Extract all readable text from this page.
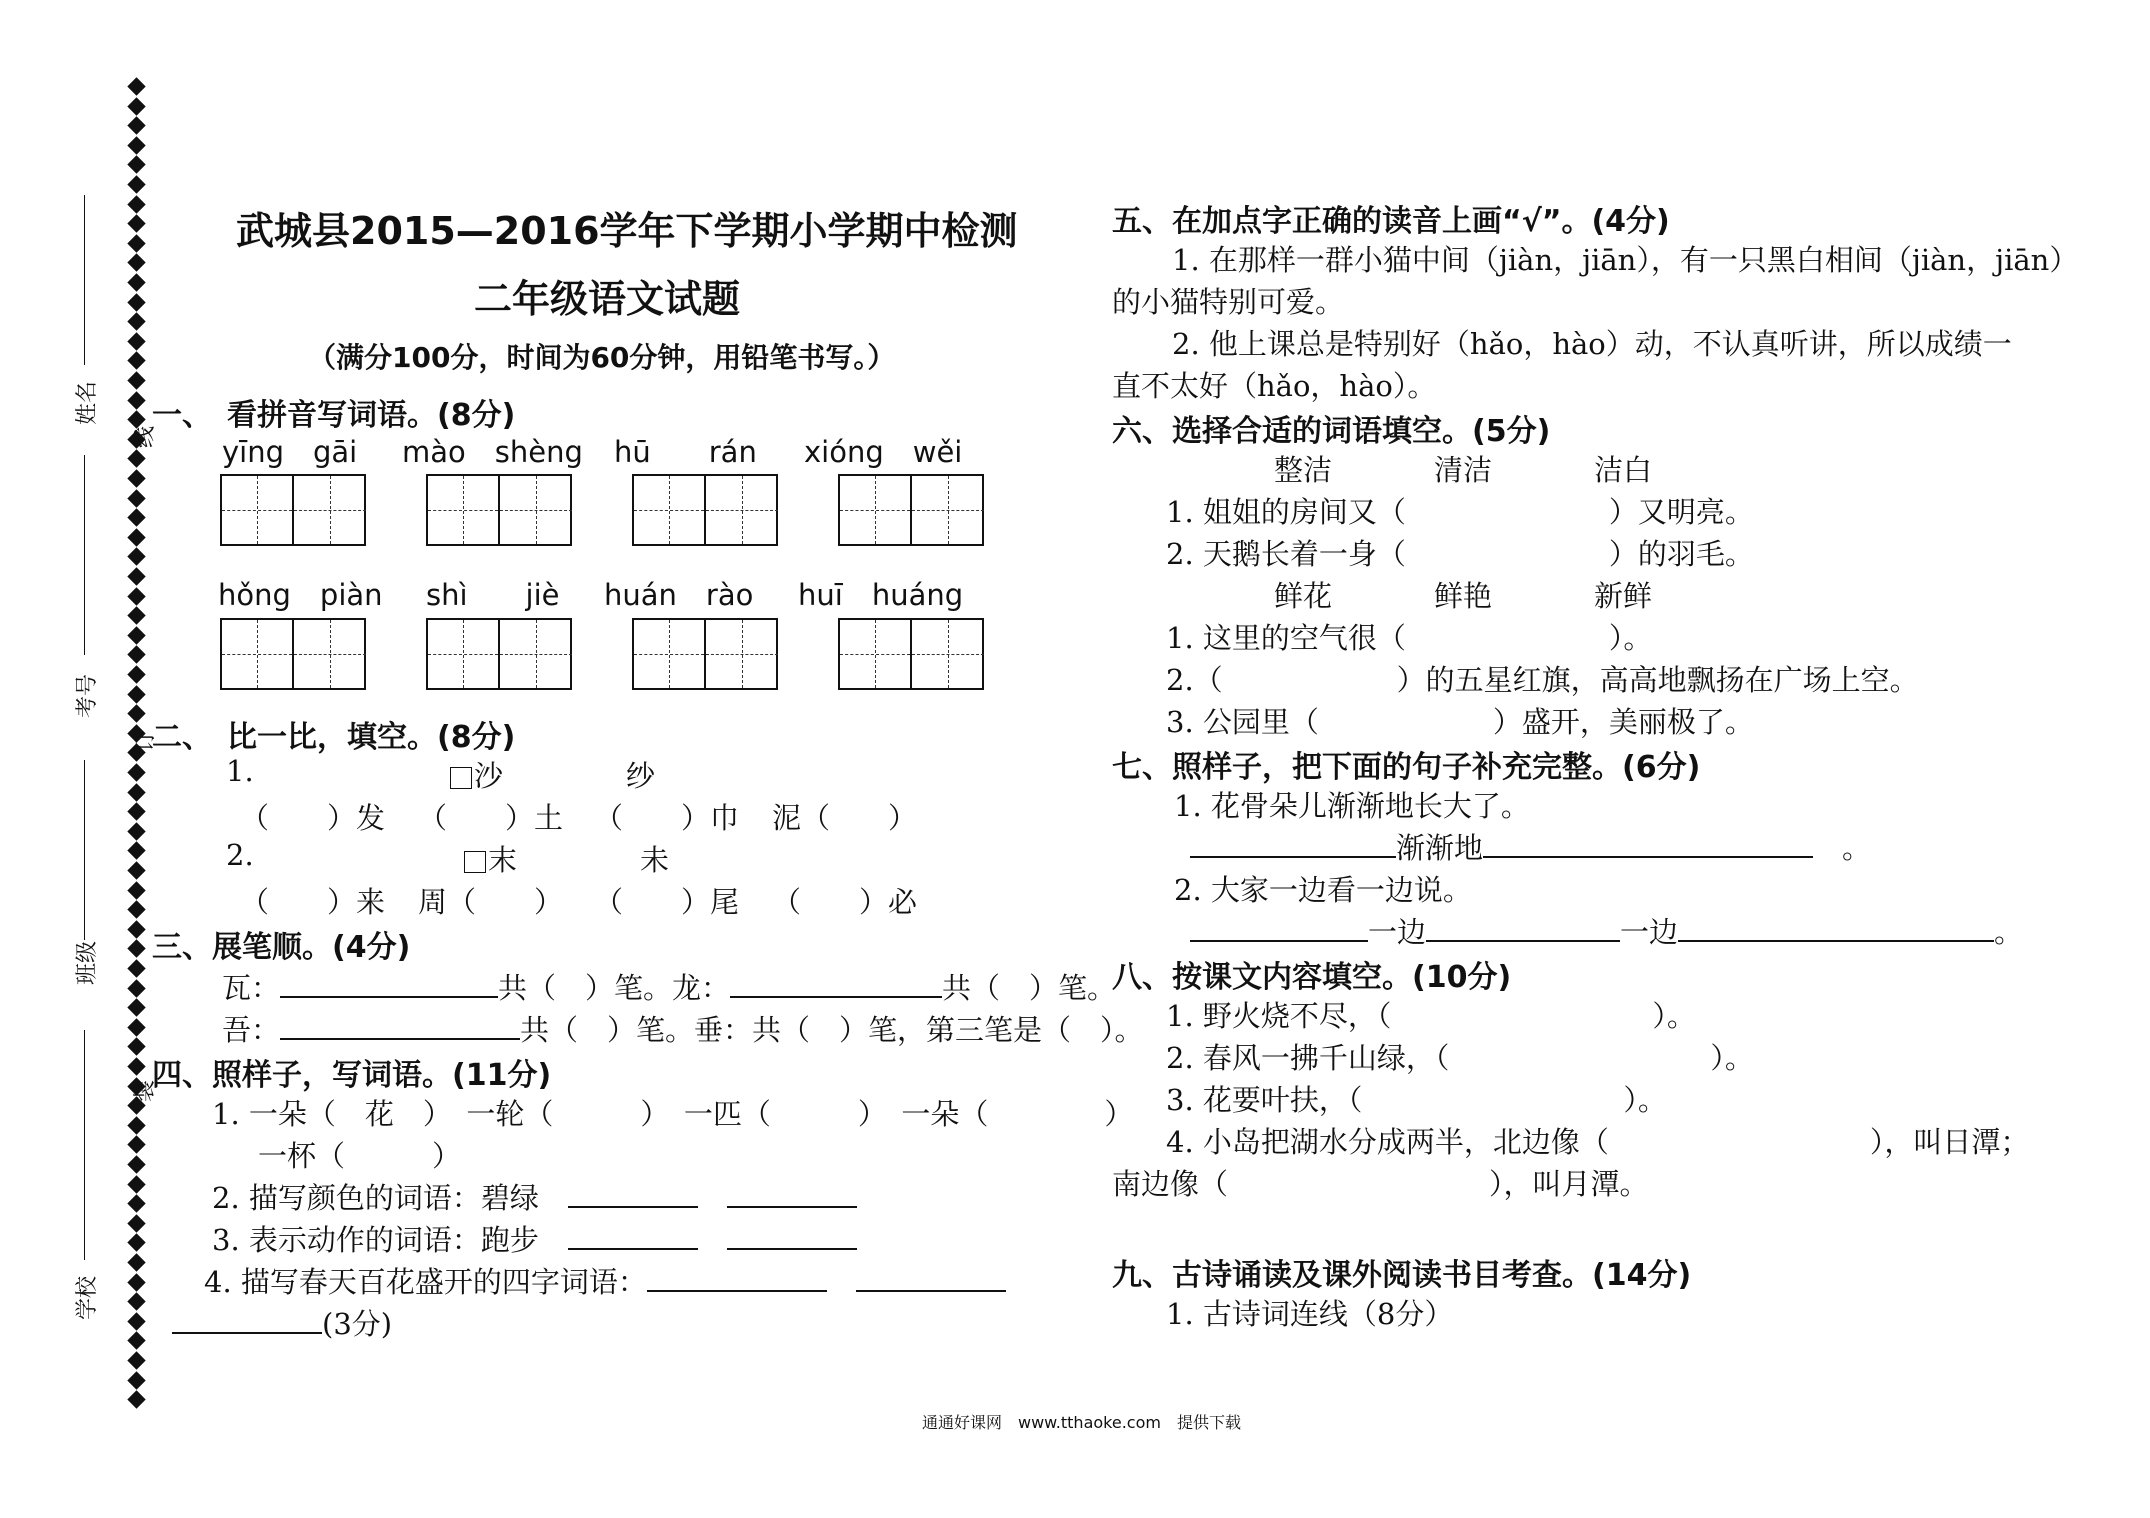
姓名
考号
班级
学校
线
订
装
武城县2015—2016学年下学期小学期中检测
二年级语文试题
（满分100分，时间为60分钟，用铅笔书写。）
一、　看拼音写词语。(8分)
yīng　gāi mào　shèng hū　　rán xióng　wěi
hǒng　piàn shì　　jiè huán　rào huī　huáng
二、　比一比，填空。(8分)
1.	沙	纱
（　　）发 （　　）土 （　　）巾 泥（　　）
2.	末	未
（　　）来 周（　　） （　　）尾 （　　）必
三、展笔顺。(4分)
瓦：	共（　）笔。龙：	共（　）笔。
吾：	共（　）笔。垂：共（　）笔，第三笔是（　）。
四、照样子，写词语。(11分)
1. 一朵（　花　）　一轮（　　　）　一匹（　　　）　一朵（　　　　）
一杯（　　　）
2. 描写颜色的词语：碧绿　　
3. 表示动作的词语：跑步　　
4. 描写春天百花盛开的四字词语：　
(3分)
五、在加点字正确的读音上画“√”。(4分)
1. 在那样一群小猫中间（jiàn，jiān），有一只黑白相间（jiàn，jiān）
的小猫特别可爱。
2. 他上课总是特别好（hǎo，hào）动，不认真听讲，所以成绩一
直不太好（hǎo，hào）。
六、选择合适的词语填空。(5分)
整洁	清洁	洁白
1. 姐姐的房间又（　　　　　　　）又明亮。
2. 天鹅长着一身（　　　　　　　）的羽毛。
鲜花	鲜艳	新鲜
1. 这里的空气很（　　　　　　　）。
2.（　　　　　　）的五星红旗，高高地飘扬在广场上空。
3. 公园里（　　　　　　）盛开，美丽极了。
七、照样子，把下面的句子补充完整。(6分)
1. 花骨朵儿渐渐地长大了。
渐渐地　	。
2. 大家一边看一边说。
一边	一边	。
八、按课文内容填空。(10分)
1. 野火烧不尽，（　　　　　　　　　）。
2. 春风一拂千山绿，（　　　　　　　　　）。
3. 花要叶扶，（　　　　　　　　　）。
4. 小岛把湖水分成两半，北边像（　　　　　　　　　），叫日潭；
南边像（　　　　　　　　　），叫月潭。
九、古诗诵读及课外阅读书目考查。(14分)
1. 古诗词连线（8分）
通通好课网　www.tthaoke.com　提供下载
